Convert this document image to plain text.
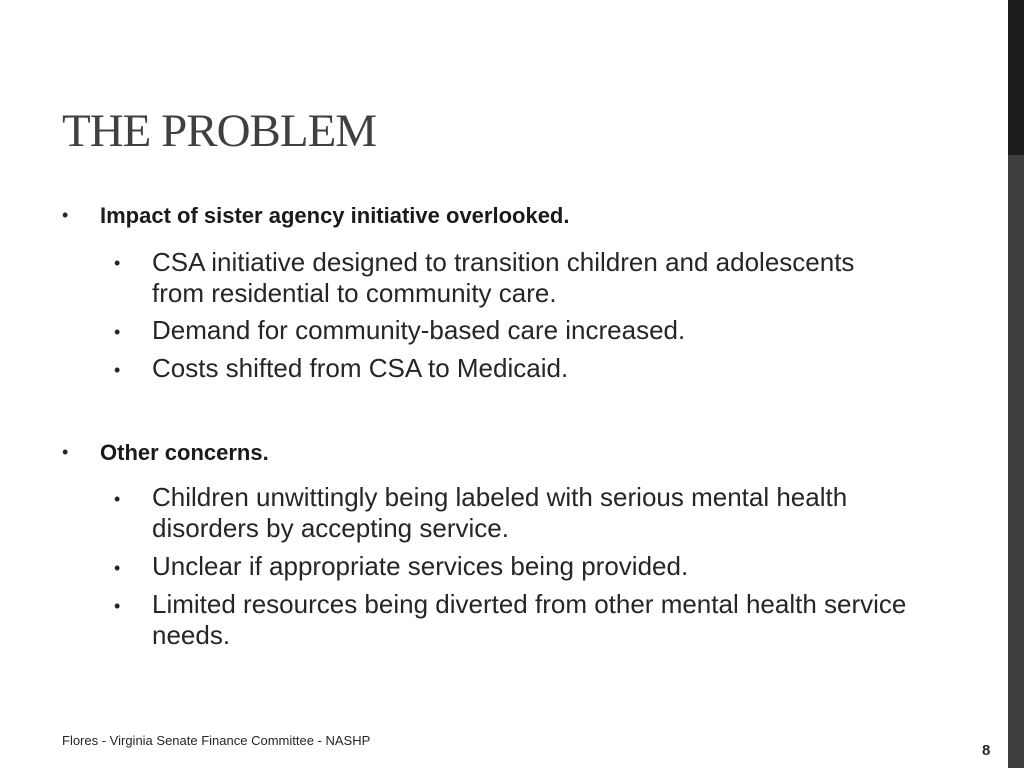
THE PROBLEM
• Impact of sister agency initiative overlooked.

• CSA initiative designed to transition children and adolescents from residential to community care.

• Demand for community-based care increased.

• Costs shifted from CSA to Medicaid.

• Other concerns.

• Children unwittingly being labeled with serious mental health disorders by accepting service.

• Unclear if appropriate services being provided.

• Limited resources being diverted from other mental health service needs.

Flores - Virginia Senate Finance Committee - NASHP
8
